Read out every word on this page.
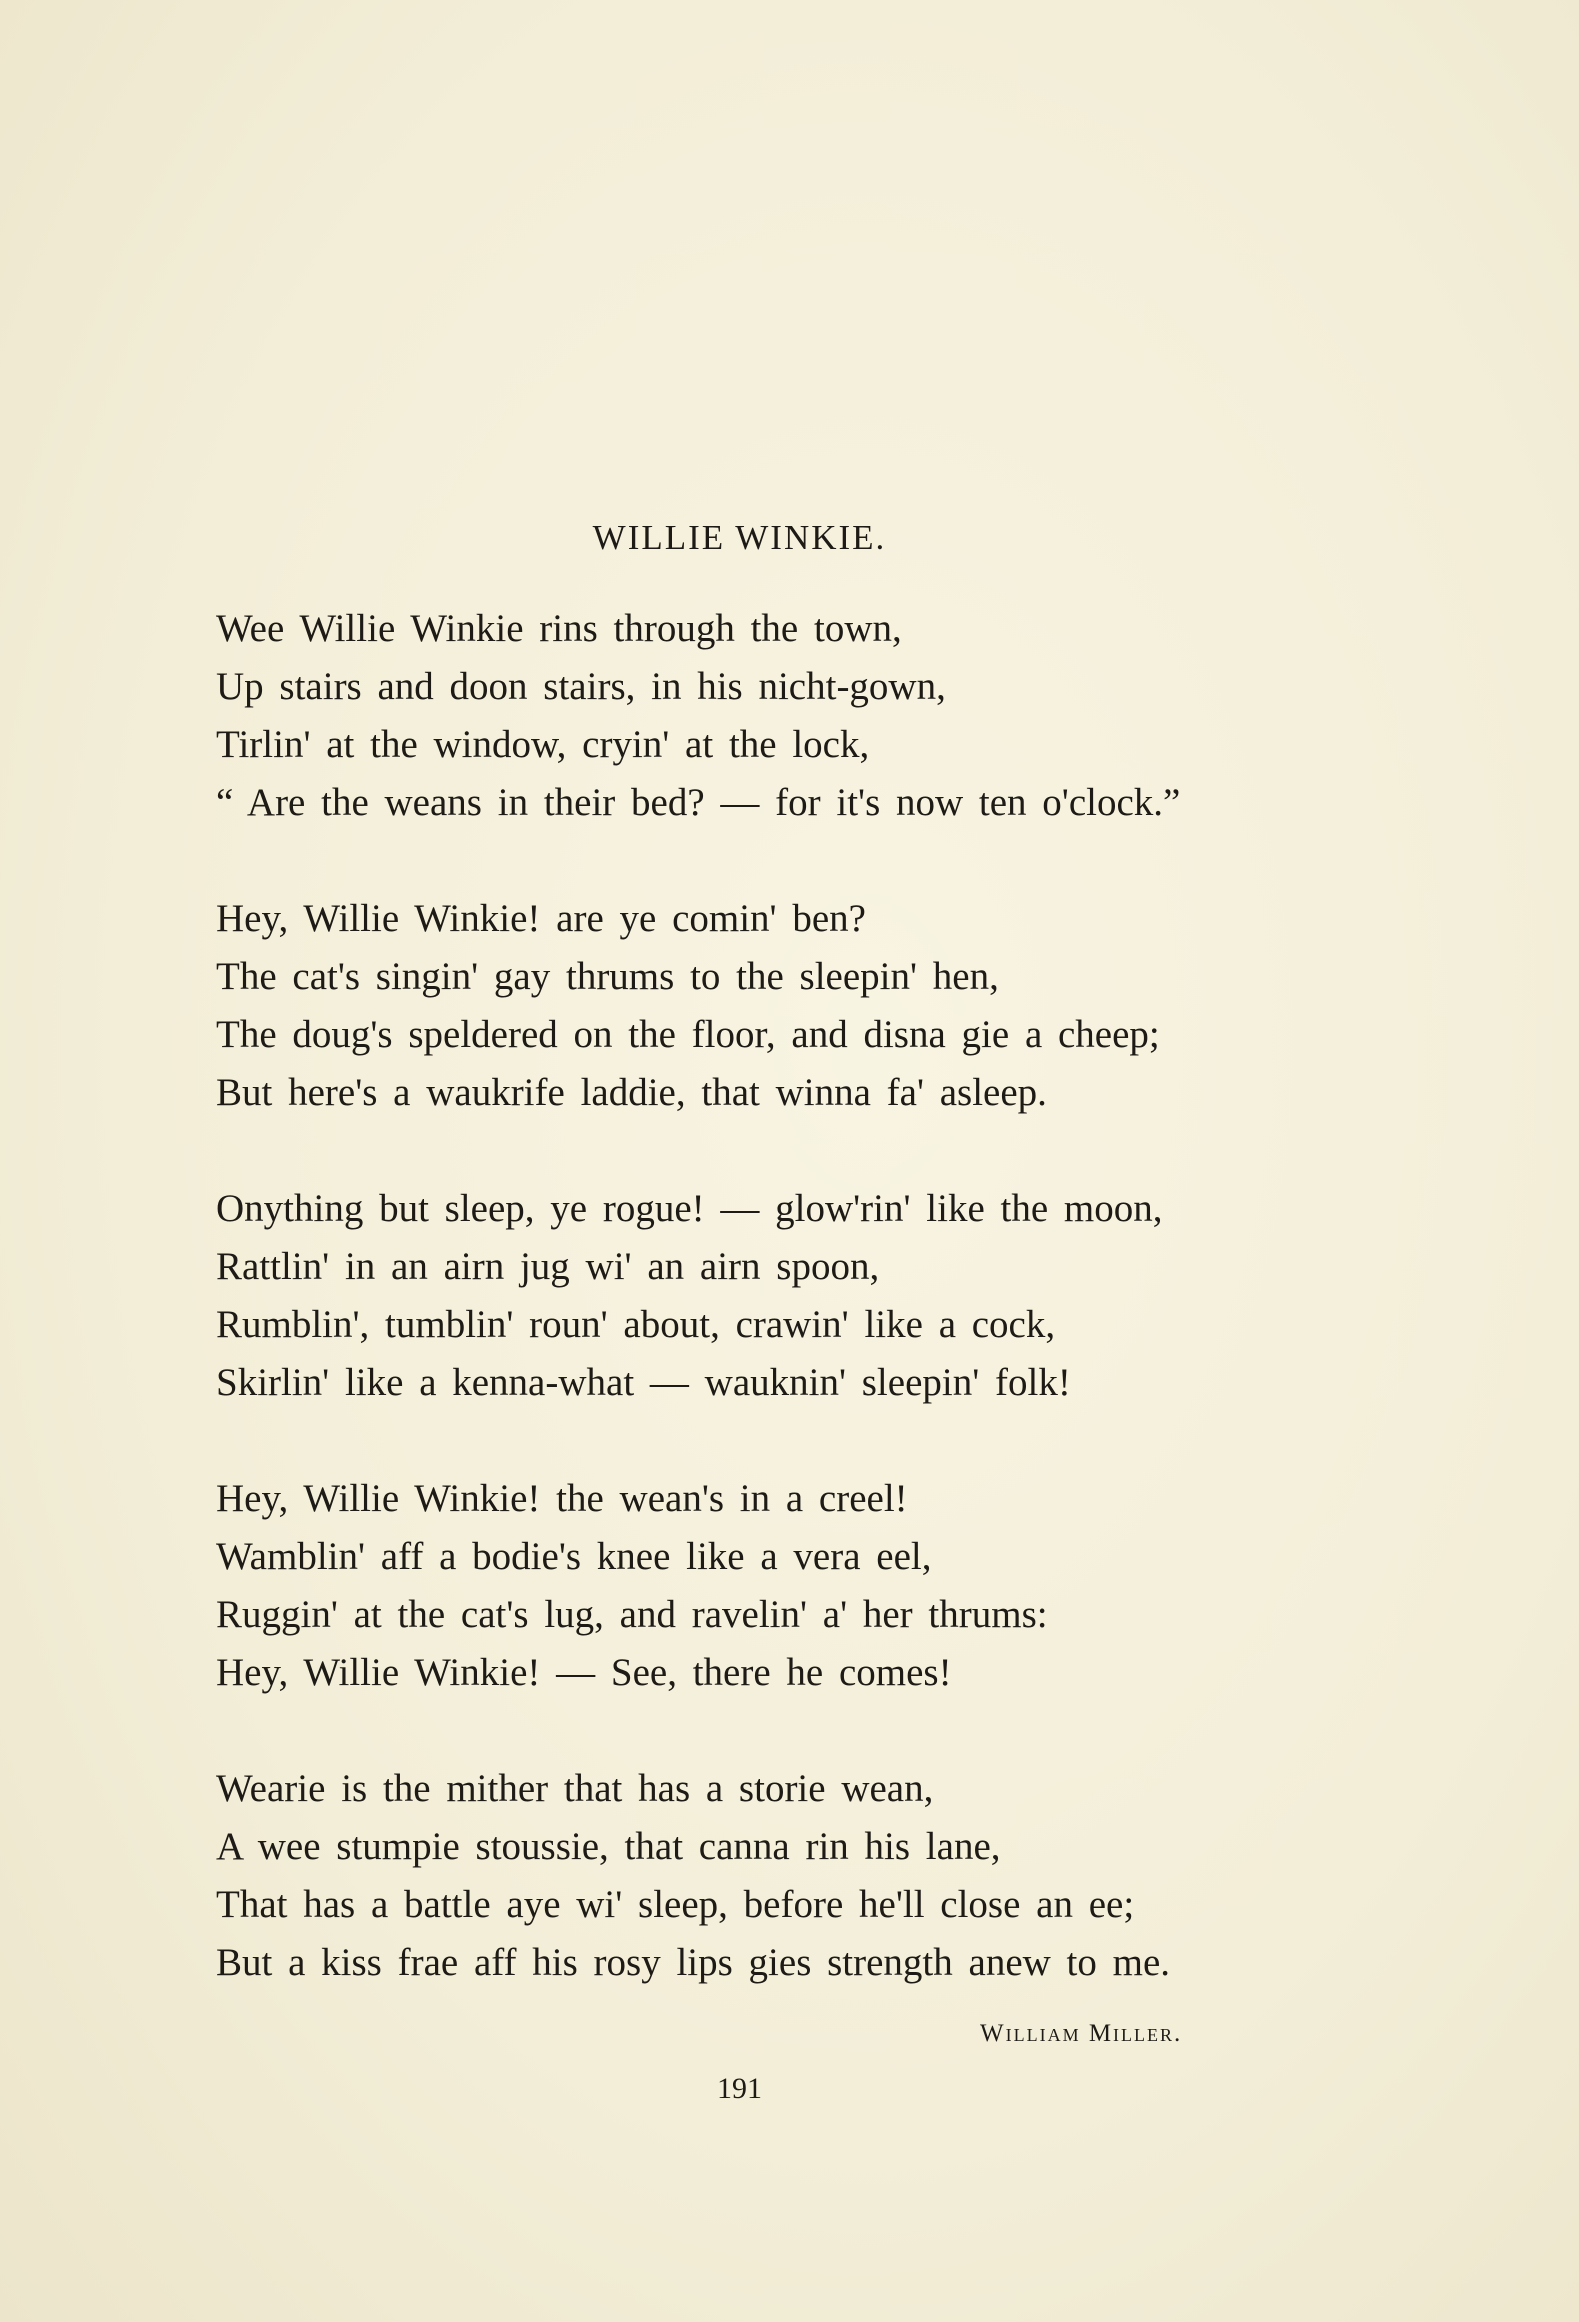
WILLIE WINKIE.
Wee Willie Winkie rins through the town,
Up stairs and doon stairs, in his nicht-gown,
Tirlin' at the window, cryin' at the lock,
“ Are the weans in their bed? — for it's now ten o'clock.”
Hey, Willie Winkie! are ye comin' ben?
The cat's singin' gay thrums to the sleepin' hen,
The doug's speldered on the floor, and disna gie a cheep;
But here's a waukrife laddie, that winna fa' asleep.
Onything but sleep, ye rogue! — glow'rin' like the moon,
Rattlin' in an airn jug wi' an airn spoon,
Rumblin', tumblin' roun' about, crawin' like a cock,
Skirlin' like a kenna-what — wauknin' sleepin' folk!
Hey, Willie Winkie! the wean's in a creel!
Wamblin' aff a bodie's knee like a vera eel,
Ruggin' at the cat's lug, and ravelin' a' her thrums:
Hey, Willie Winkie! — See, there he comes!
Wearie is the mither that has a storie wean,
A wee stumpie stoussie, that canna rin his lane,
That has a battle aye wi' sleep, before he'll close an ee;
But a kiss frae aff his rosy lips gies strength anew to me.
William Miller.
191
